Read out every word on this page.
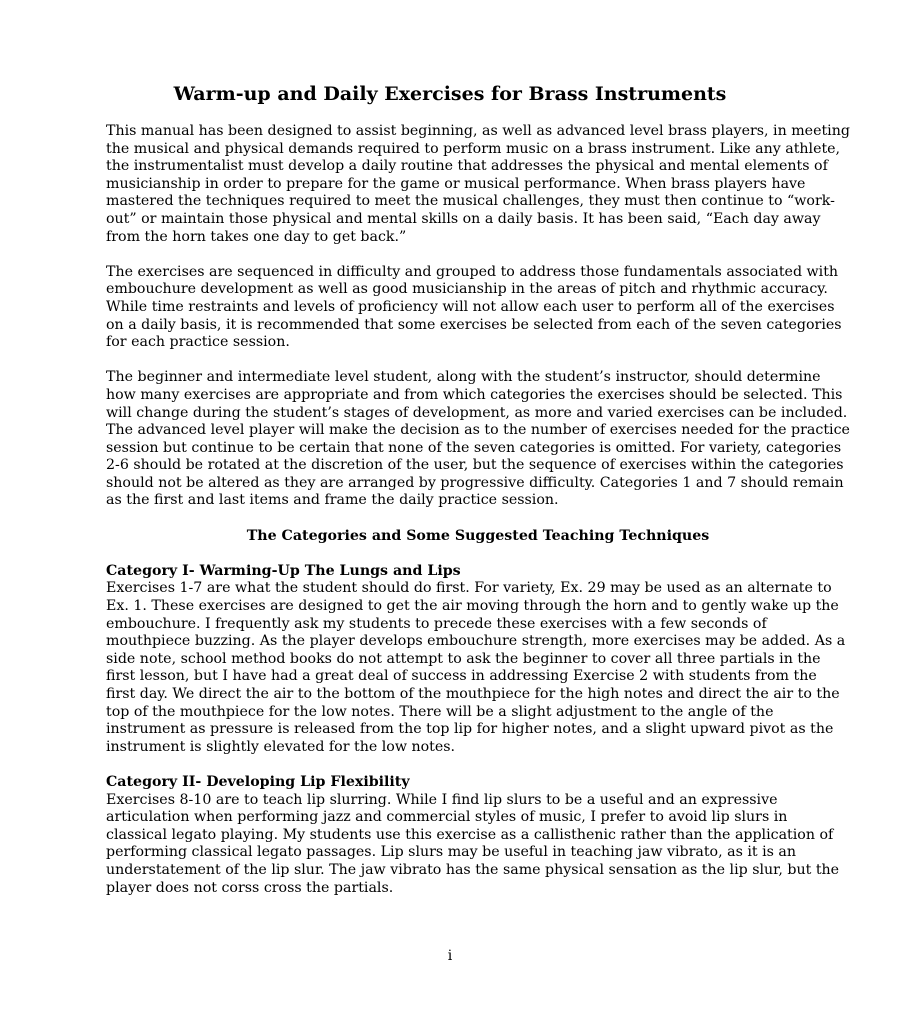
Warm-up and Daily Exercises for Brass Instruments

This manual has been designed to assist beginning, as well as advanced level brass players, in meeting the musical and physical demands required to perform music on a brass instrument. Like any athlete, the instrumentalist must develop a daily routine that addresses the physical and mental elements of musicianship in order to prepare for the game or musical performance. When brass players have mastered the techniques required to meet the musical challenges, they must then continue to “work-out” or maintain those physical and mental skills on a daily basis. It has been said, “Each day away from the horn takes one day to get back.”

The exercises are sequenced in difficulty and grouped to address those fundamentals associated with embouchure development as well as good musicianship in the areas of pitch and rhythmic accuracy. While time restraints and levels of proficiency will not allow each user to perform all of the exercises on a daily basis, it is recommended that some exercises be selected from each of the seven categories for each practice session.

The beginner and intermediate level student, along with the student’s instructor, should determine how many exercises are appropriate and from which categories the exercises should be selected. This will change during the student’s stages of development, as more and varied exercises can be included. The advanced level player will make the decision as to the number of exercises needed for the practice session but continue to be certain that none of the seven categories is omitted. For variety, categories 2-6 should be rotated at the discretion of the user, but the sequence of exercises within the categories should not be altered as they are arranged by progressive difficulty. Categories 1 and 7 should remain as the first and last items and frame the daily practice session.

The Categories and Some Suggested Teaching Techniques

Category I- Warming-Up The Lungs and Lips
Exercises 1-7 are what the student should do first. For variety, Ex. 29 may be used as an alternate to Ex. 1. These exercises are designed to get the air moving through the horn and to gently wake up the embouchure. I frequently ask my students to precede these exercises with a few seconds of mouthpiece buzzing. As the player develops embouchure strength, more exercises may be added. As a side note, school method books do not attempt to ask the beginner to cover all three partials in the first lesson, but I have had a great deal of success in addressing Exercise 2 with students from the first day. We direct the air to the bottom of the mouthpiece for the high notes and direct the air to the top of the mouthpiece for the low notes. There will be a slight adjustment to the angle of the instrument as pressure is released from the top lip for higher notes, and a slight upward pivot as the instrument is slightly elevated for the low notes.
Category II- Developing Lip Flexibility
Exercises 8-10 are to teach lip slurring. While I find lip slurs to be a useful and an expressive articulation when performing jazz and commercial styles of music, I prefer to avoid lip slurs in classical legato playing. My students use this exercise as a callisthenic rather than the application of performing classical legato passages. Lip slurs may be useful in teaching jaw vibrato, as it is an understatement of the lip slur. The jaw vibrato has the same physical sensation as the lip slur, but the player does not corss cross the partials.
i
